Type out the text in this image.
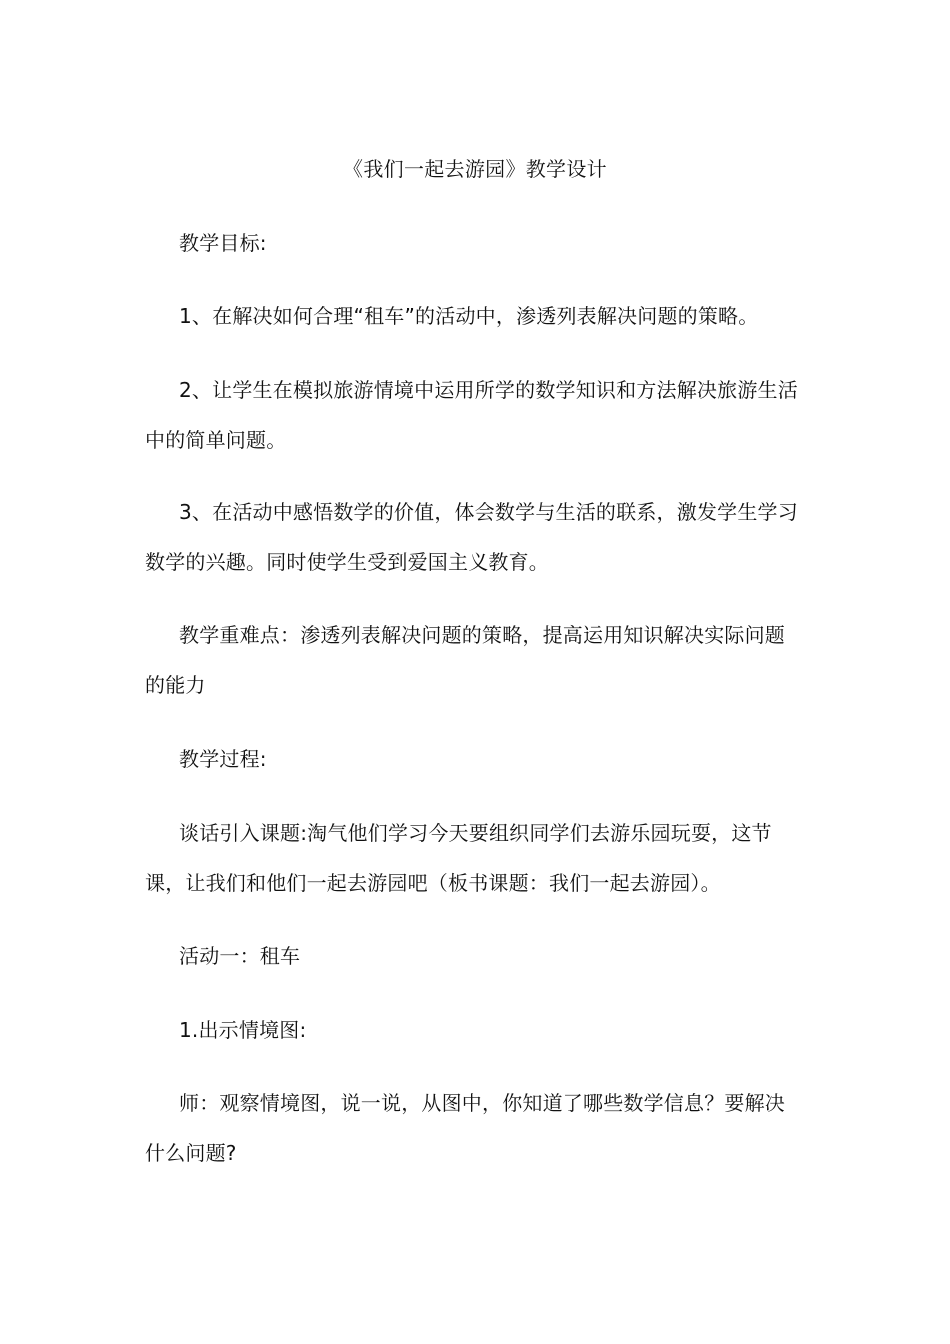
《我们一起去游园》教学设计

教学目标:

1、在解决如何合理“租车”的活动中，渗透列表解决问题的策略。

2、让学生在模拟旅游情境中运用所学的数学知识和方法解决旅游生活中的简单问题。

3、在活动中感悟数学的价值，体会数学与生活的联系，激发学生学习数学的兴趣。同时使学生受到爱国主义教育。

教学重难点：渗透列表解决问题的策略，提高运用知识解决实际问题的能力

教学过程:

谈话引入课题:淘气他们学习今天要组织同学们去游乐园玩耍，这节课，让我们和他们一起去游园吧（板书课题：我们一起去游园）。

活动一：租车

1.出示情境图:

师：观察情境图，说一说，从图中，你知道了哪些数学信息？要解决什么问题?
